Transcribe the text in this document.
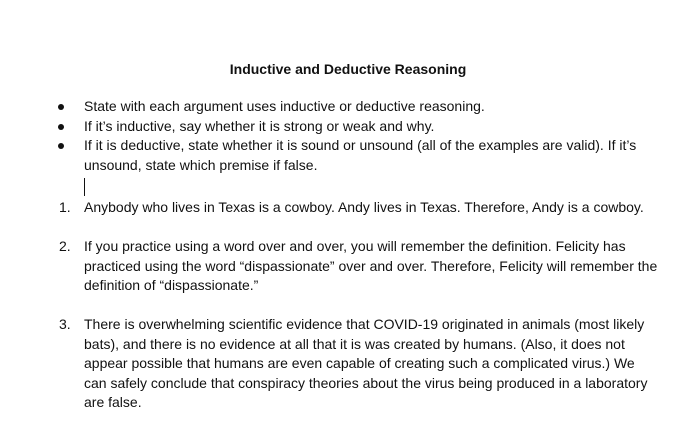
Inductive and Deductive Reasoning
State with each argument uses inductive or deductive reasoning.
If it’s inductive, say whether it is strong or weak and why.
If it is deductive, state whether it is sound or unsound (all of the examples are valid). If it’s unsound, state which premise if false.
1. Anybody who lives in Texas is a cowboy. Andy lives in Texas. Therefore, Andy is a cowboy.
2. If you practice using a word over and over, you will remember the definition. Felicity has practiced using the word “dispassionate” over and over. Therefore, Felicity will remember the definition of “dispassionate.”
3. There is overwhelming scientific evidence that COVID-19 originated in animals (most likely bats), and there is no evidence at all that it is was created by humans. (Also, it does not appear possible that humans are even capable of creating such a complicated virus.) We can safely conclude that conspiracy theories about the virus being produced in a laboratory are false.
